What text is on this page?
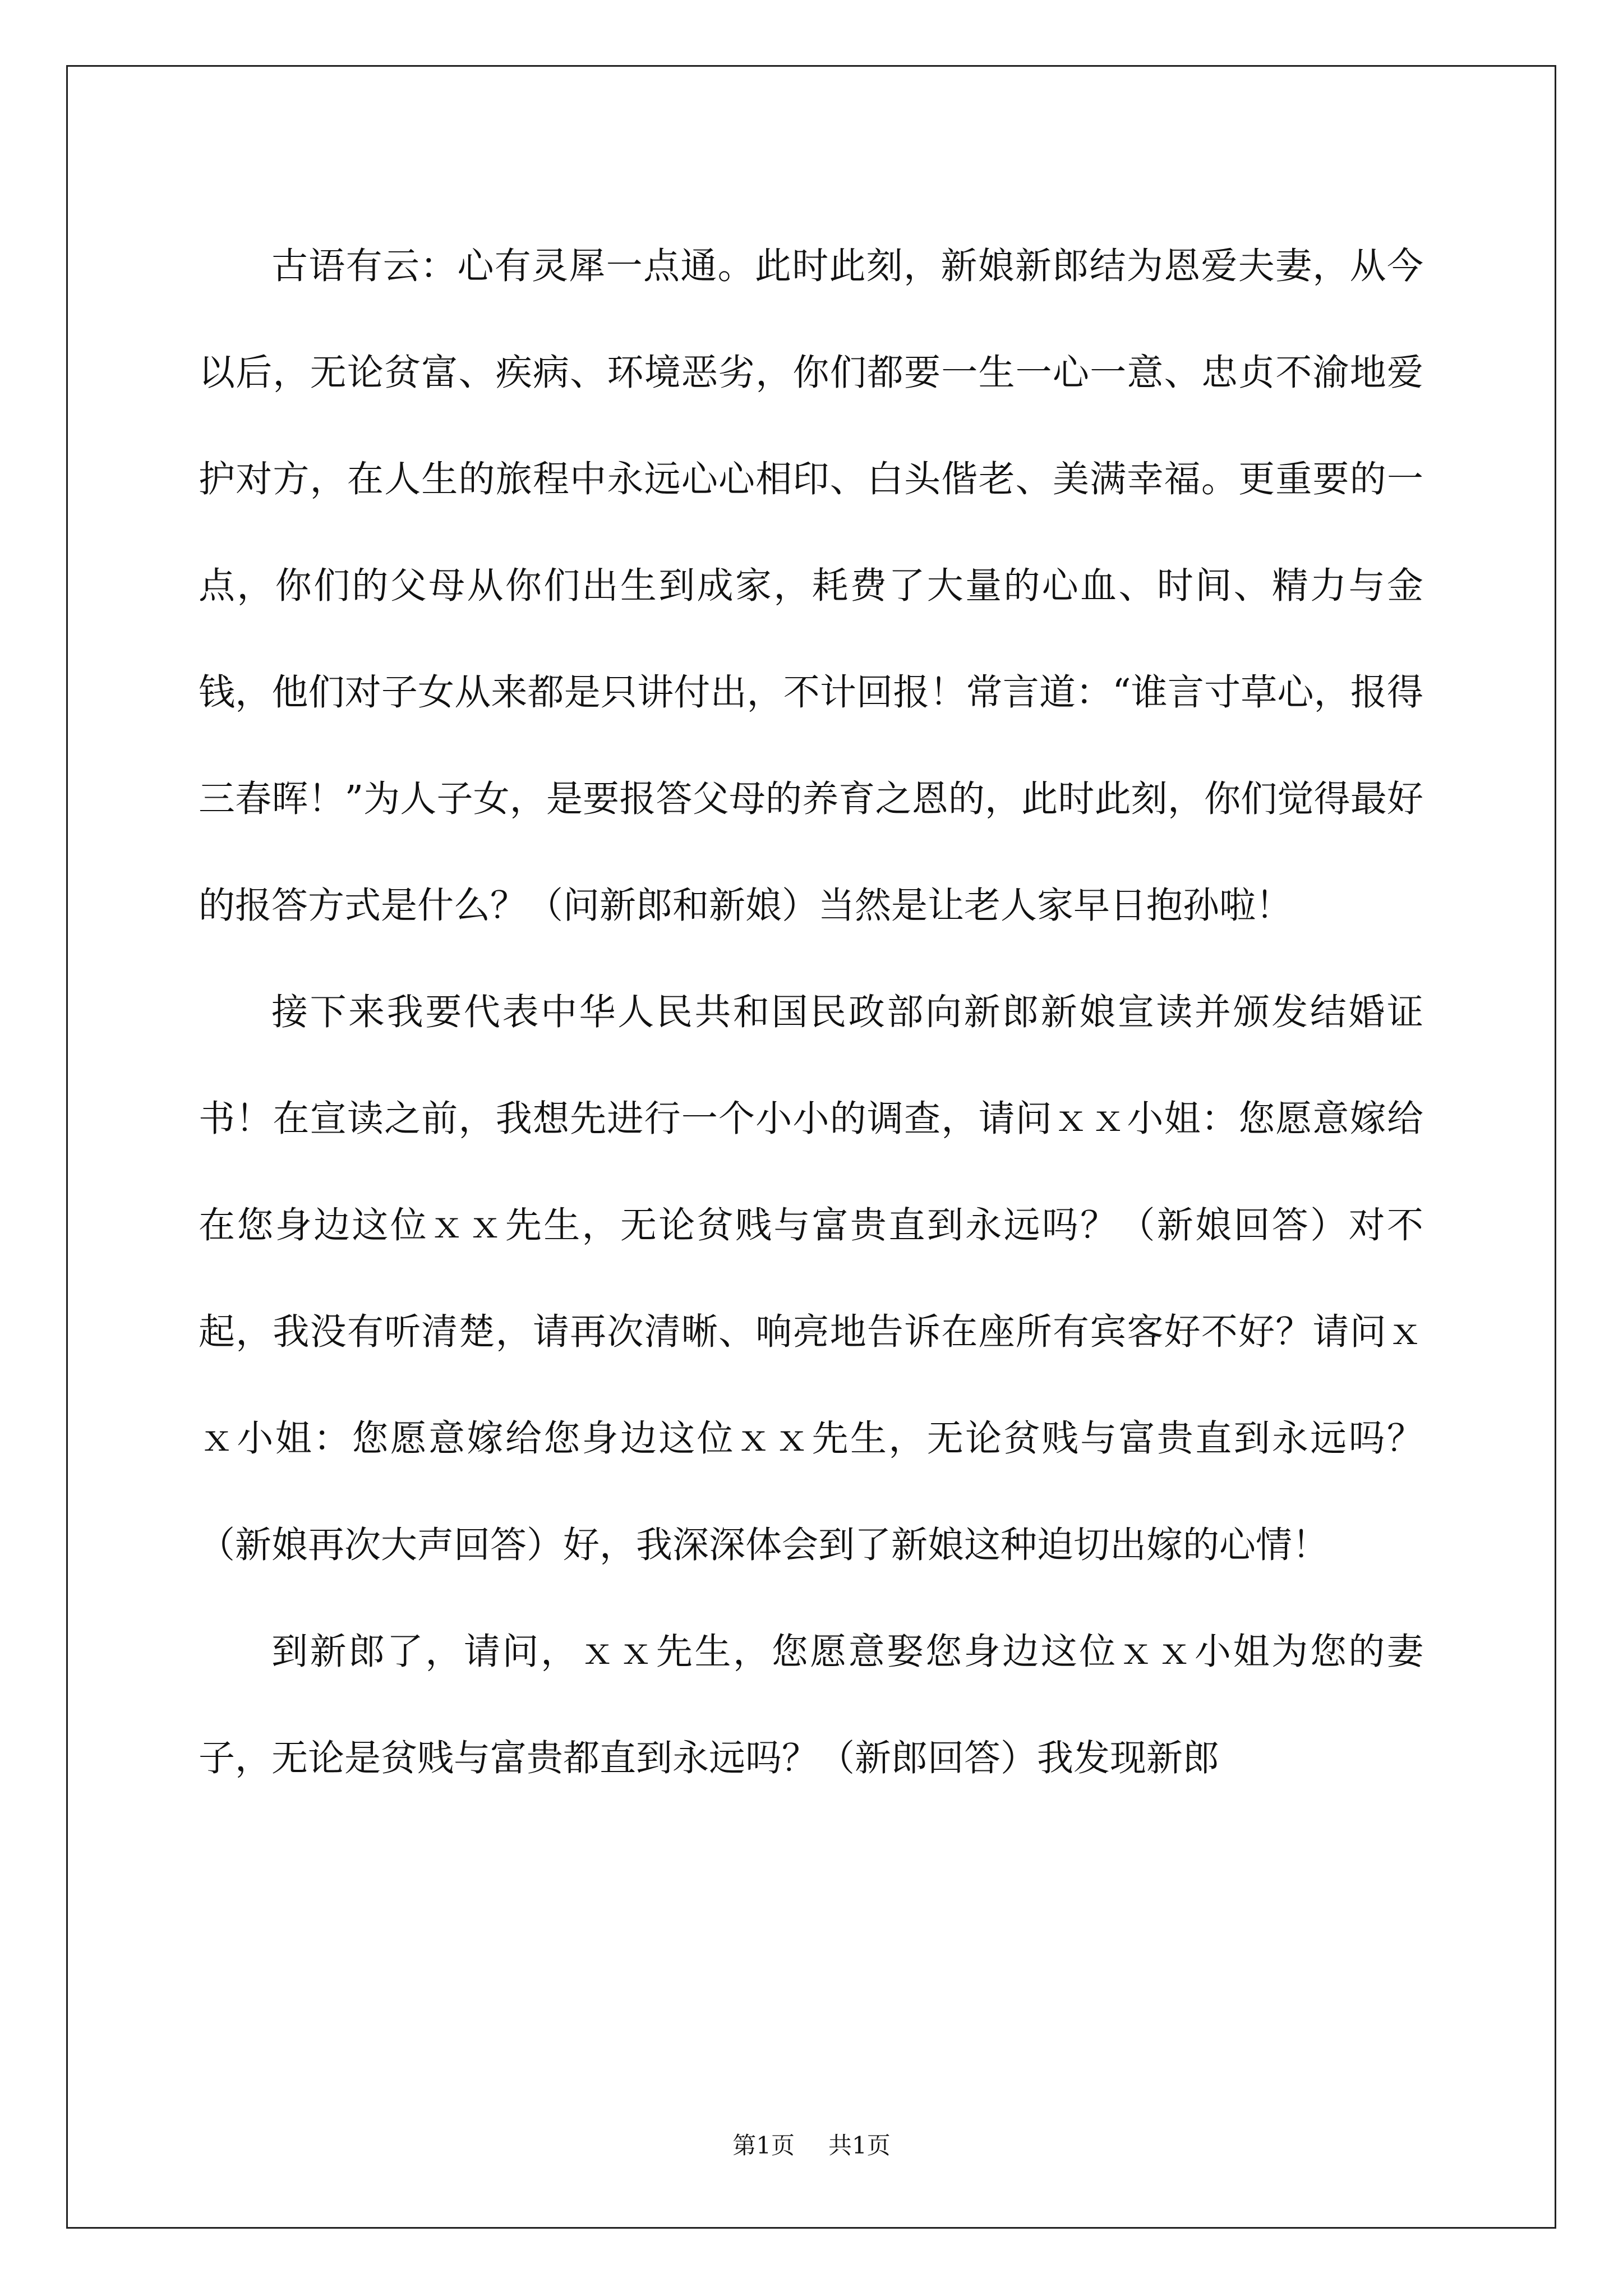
古语有云：心有灵犀一点通。此时此刻，新娘新郎结为恩爱夫妻，从今以后，无论贫富、疾病、环境恶劣，你们都要一生一心一意、忠贞不渝地爱护对方，在人生的旅程中永远心心相印、白头偕老、美满幸福。更重要的一点，你们的父母从你们出生到成家，耗费了大量的心血、时间、精力与金钱，他们对子女从来都是只讲付出，不计回报！常言道：“谁言寸草心，报得三春晖！”为人子女，是要报答父母的养育之恩的，此时此刻，你们觉得最好的报答方式是什么？（问新郎和新娘）当然是让老人家早日抱孙啦！

接下来我要代表中华人民共和国民政部向新郎新娘宣读并颁发结婚证书！在宣读之前，我想先进行一个小小的调查，请问ｘｘ小姐：您愿意嫁给在您身边这位ｘｘ先生，无论贫贱与富贵直到永远吗？（新娘回答）对不起，我没有听清楚，请再次清晰、响亮地告诉在座所有宾客好不好？请问ｘｘ小姐：您愿意嫁给您身边这位ｘｘ先生，无论贫贱与富贵直到永远吗？（新娘再次大声回答）好，我深深体会到了新娘这种迫切出嫁的心情！

到新郎了，请问，ｘｘ先生，您愿意娶您身边这位ｘｘ小姐为您的妻子，无论是贫贱与富贵都直到永远吗？（新郎回答）我发现新郎

第1页 共1页
